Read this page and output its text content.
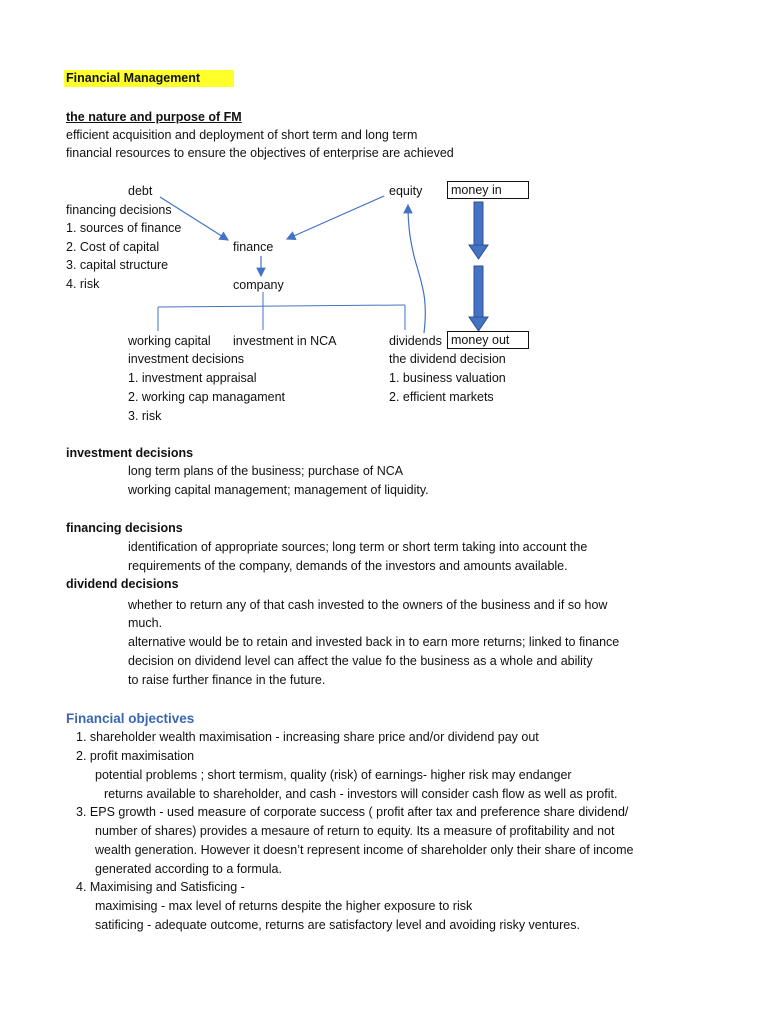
Financial Management
the nature and purpose of FM
efficient acquisition and deployment of short term and long term
financial resources to ensure the objectives of enterprise are achieved
debt
financing decisions
1. sources of finance
2. Cost of capital
3. capital structure
4. risk
finance
company
equity	money in
working capital investment in NCA
investment decisions
1. investment appraisal
2. working cap managament
3. risk
dividends money out
the dividend decision
1. business valuation
2. efficient markets
investment decisions
long term plans of the business; purchase of NCA
working capital management; management of liquidity.
financing decisions
identification of appropriate sources; long term or short term taking into account the
requirements of the company, demands of the investors and amounts available.
dividend decisions
whether to return any of that cash invested to the owners of the business and if so how
much.
alternative would be to retain and invested back in to earn more returns; linked to finance
decision on dividend level can affect the value fo the business as a whole and ability
to raise further finance in the future.
Financial objectives
1. shareholder wealth maximisation - increasing share price and/or dividend pay out
2. profit maximisation
potential problems ; short termism, quality (risk) of earnings- higher risk may endanger
returns available to shareholder, and cash - investors will consider cash flow as well as profit.
3. EPS growth - used measure of corporate success ( profit after tax and preference share dividend/
number of shares) provides a mesaure of return to equity. Its a measure of profitability and not
wealth generation. However it doesn’t represent income of shareholder only their share of income
generated according to a formula.
4. Maximising and Satisficing -
maximising - max level of returns despite the higher exposure to risk
satificing - adequate outcome, returns are satisfactory level and avoiding risky ventures.
